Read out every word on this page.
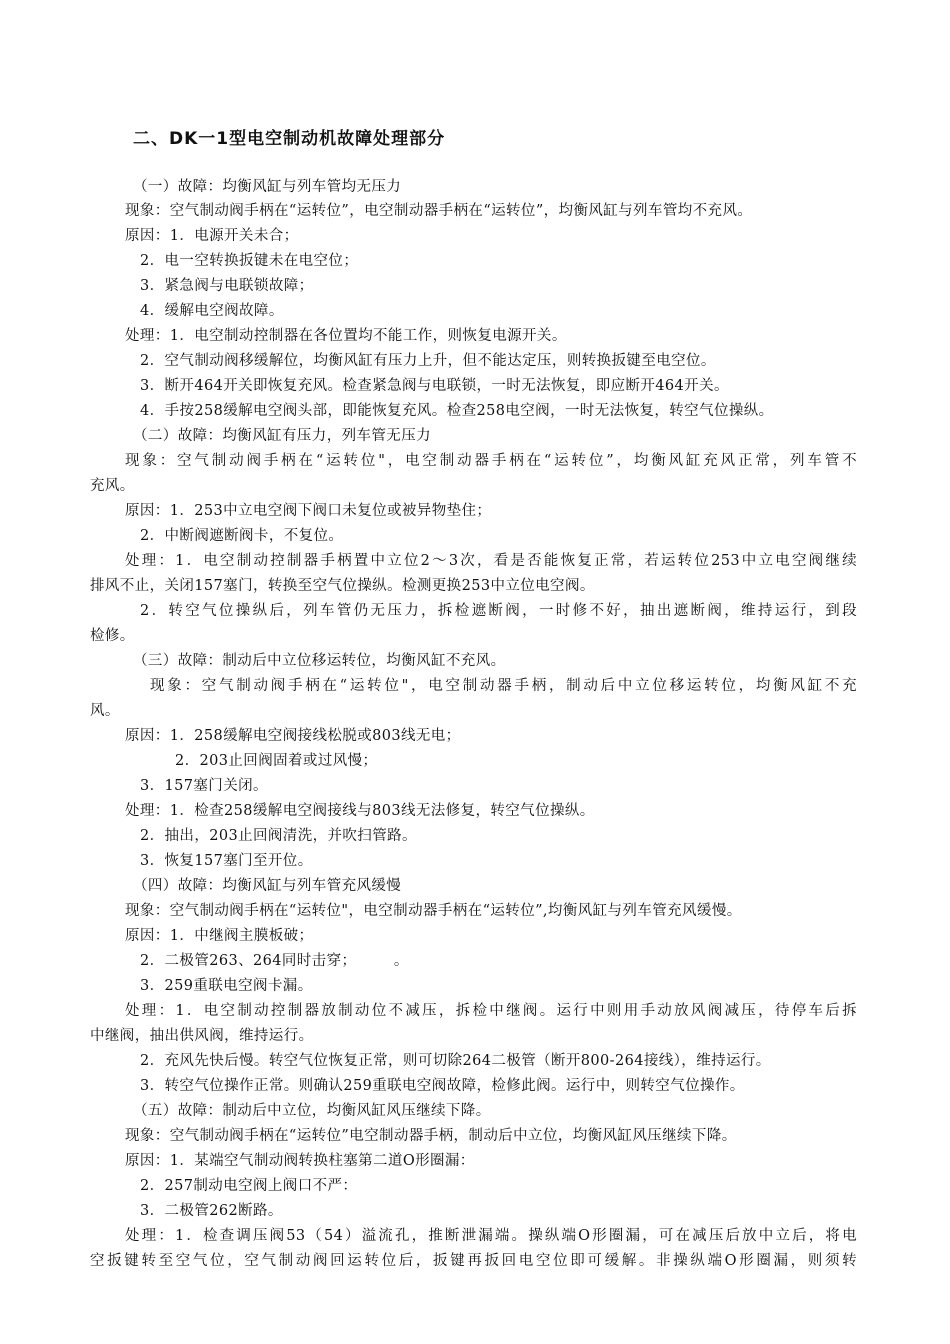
二、DK一1型电空制动机故障处理部分
（一）故障：均衡风缸与列车管均无压力
现象：空气制动阀手柄在“运转位”，电空制动器手柄在“运转位”，均衡风缸与列车管均不充风。
原因：1．电源开关未合；
2．电一空转换扳键未在电空位；
3．紧急阀与电联锁故障；
4．缓解电空阀故障。
处理：1．电空制动控制器在各位置均不能工作，则恢复电源开关。
2．空气制动阀移缓解位，均衡风缸有压力上升，但不能达定压，则转换扳键至电空位。
3．断开464开关即恢复充风。检查紧急阀与电联锁，一时无法恢复，即应断开464开关。
4．手按258缓解电空阀头部，即能恢复充风。检查258电空阀，一时无法恢复，转空气位操纵。
（二）故障：均衡风缸有压力，列车管无压力
现象：空气制动阀手柄在“运转位"，电空制动器手柄在“运转位”，均衡风缸充风正常，列车管不
充风。
原因：1．253中立电空阀下阀口未复位或被异物垫住；
2．中断阀遮断阀卡，不复位。
处理：1．电空制动控制器手柄置中立位2～3次，看是否能恢复正常，若运转位253中立电空阀继续
排风不止，关闭157塞门，转换至空气位操纵。检测更换253中立位电空阀。
2．转空气位操纵后，列车管仍无压力，拆检遮断阀，一时修不好，抽出遮断阀，维持运行，到段
检修。
（三）故障：制动后中立位移运转位，均衡风缸不充风。
现象：空气制动阀手柄在“运转位"，电空制动器手柄，制动后中立位移运转位，均衡风缸不充
风。
原因：1．258缓解电空阀接线松脱或803线无电；
2．203止回阀固着或过风慢；
3．157塞门关闭。
处理：1．检查258缓解电空阀接线与803线无法修复，转空气位操纵。
2．抽出，203止回阀清洗，并吹扫管路。
3．恢复157塞门至开位。
（四）故障：均衡风缸与列车管充风缓慢
现象：空气制动阀手柄在“运转位"，电空制动器手柄在“运转位”,均衡风缸与列车管充风缓慢。
原因：1．中继阀主膜板破；
2．二极管263、264同时击穿；　　　。
3．259重联电空阀卡漏。
处理：1．电空制动控制器放制动位不减压，拆检中继阀。运行中则用手动放风阀减压，待停车后拆
中继阀，抽出供风阀，维持运行。
2．充风先快后慢。转空气位恢复正常，则可切除264二极管（断开800-264接线），维持运行。
3．转空气位操作正常。则确认259重联电空阀故障，检修此阀。运行中，则转空气位操作。
（五）故障：制动后中立位，均衡风缸风压继续下降。
现象：空气制动阀手柄在“运转位”电空制动器手柄，制动后中立位，均衡风缸风压继续下降。
原因：1．某端空气制动阀转换柱塞第二道O形圈漏：
2．257制动电空阀上阀口不严：
3．二极管262断路。
处理：1．检查调压阀53（54）溢流孔，推断泄漏端。操纵端O形圈漏，可在减压后放中立后，将电
空扳键转至空气位，空气制动阀回运转位后，扳键再扳回电空位即可缓解。非操纵端O形圈漏，则须转
